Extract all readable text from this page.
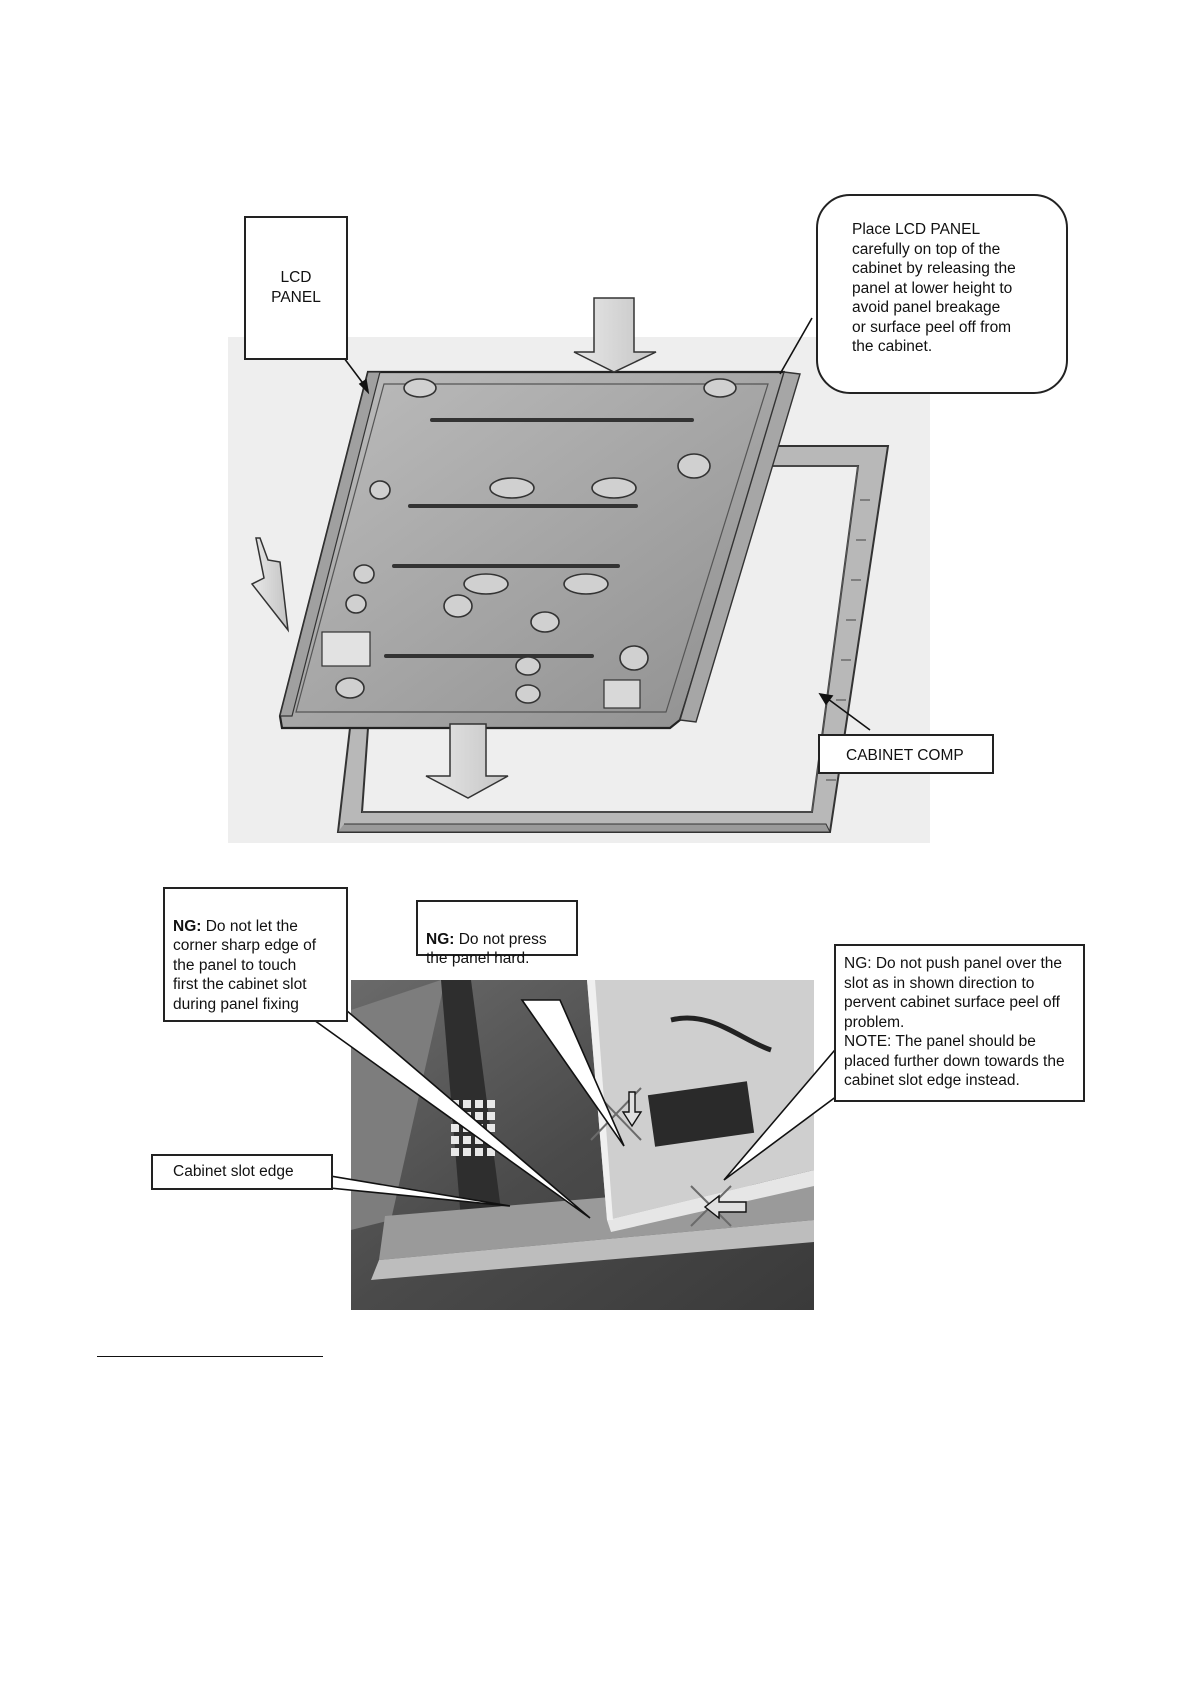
LCD
PANEL
Place LCD PANEL
carefully on top of the
cabinet by releasing the
panel at lower height to
avoid panel breakage
or surface peel off from
the cabinet.
CABINET COMP

NG: Do not let the
corner sharp edge of
the panel to touch
first the cabinet slot
during panel fixing

NG: Do not press
the panel hard.	NG: Do not push panel over the
slot as in shown direction to
pervent cabinet surface peel off
problem.
NOTE: The panel should be
placed further down towards the
cabinet slot edge instead.
Cabinet slot edge
